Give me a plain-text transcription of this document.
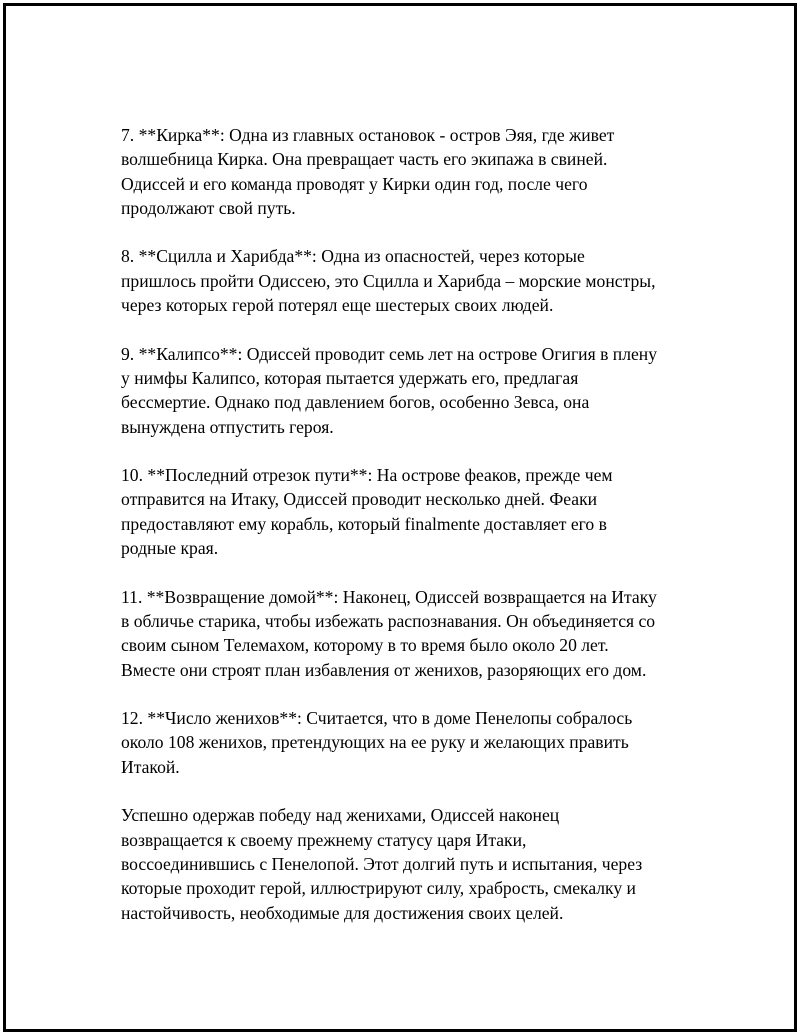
7. **Кирка**: Одна из главных остановок - остров Эяя, где живет
волшебница Кирка. Она превращает часть его экипажа в свиней.
Одиссей и его команда проводят у Кирки один год, после чего
продолжают свой путь.

8. **Сцилла и Харибда**: Одна из опасностей, через которые
пришлось пройти Одиссею, это Сцилла и Харибда – морские монстры,
через которых герой потерял еще шестерых своих людей.

9. **Калипсо**: Одиссей проводит семь лет на острове Огигия в плену
у нимфы Калипсо, которая пытается удержать его, предлагая
бессмертие. Однако под давлением богов, особенно Зевса, она
вынуждена отпустить героя.

10. **Последний отрезок пути**: На острове феаков, прежде чем
отправится на Итаку, Одиссей проводит несколько дней. Феаки
предоставляют ему корабль, который finalmente доставляет его в
родные края.

11. **Возвращение домой**: Наконец, Одиссей возвращается на Итаку
в обличье старика, чтобы избежать распознавания. Он объединяется со
своим сыном Телемахом, которому в то время было около 20 лет.
Вместе они строят план избавления от женихов, разоряющих его дом.

12. **Число женихов**: Считается, что в доме Пенелопы собралось
около 108 женихов, претендующих на ее руку и желающих править
Итакой.

Успешно одержав победу над женихами, Одиссей наконец
возвращается к своему прежнему статусу царя Итаки,
воссоединившись с Пенелопой. Этот долгий путь и испытания, через
которые проходит герой, иллюстрируют силу, храбрость, смекалку и
настойчивость, необходимые для достижения своих целей.
